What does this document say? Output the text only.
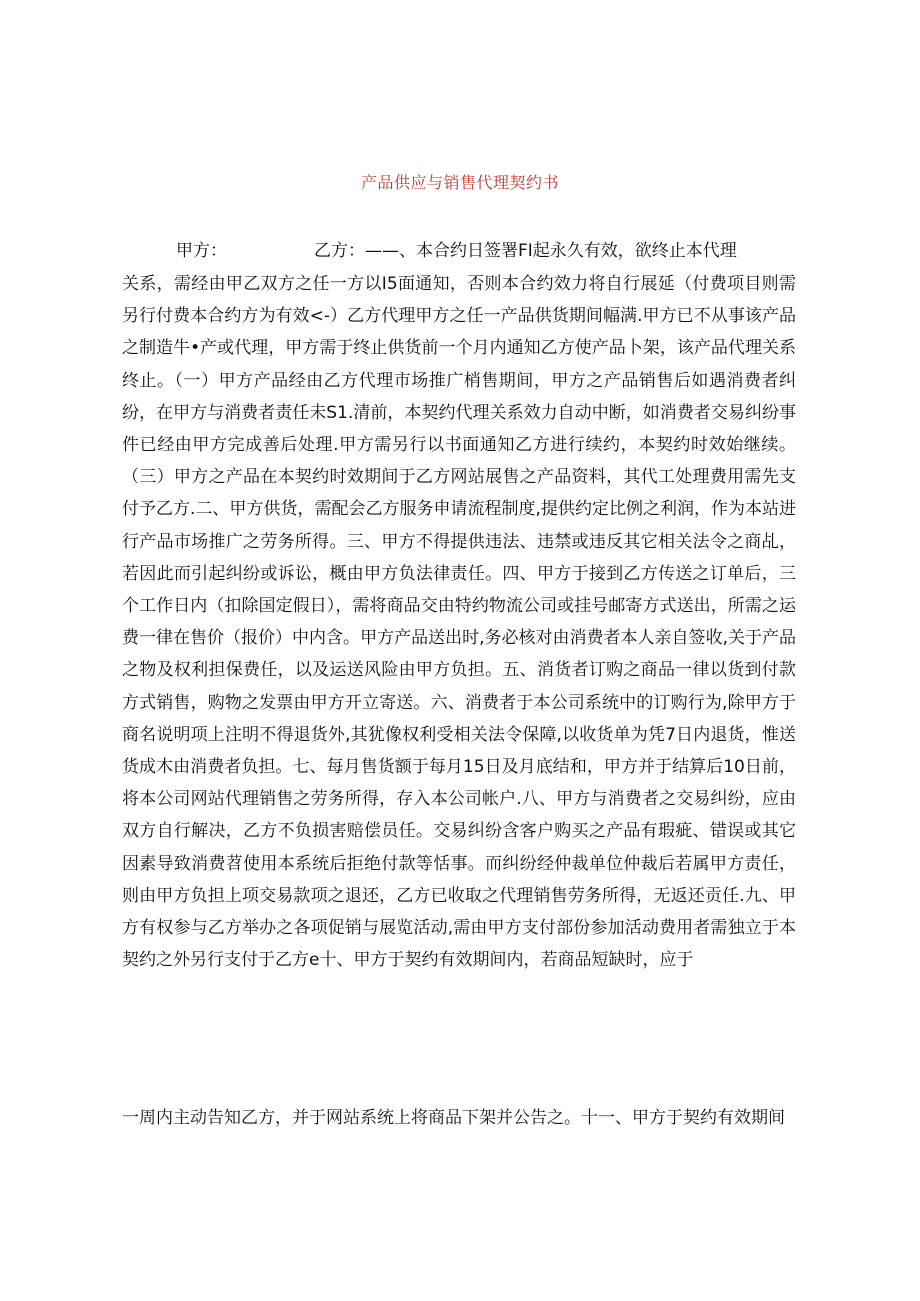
产品供应与销售代理契约书
甲方：	乙方：——、本合约日签署FI起永久有效，欲终止本代理
关系，需经由甲乙双方之任一方以I5面通知，否则本合约效力将自行展延（付费项目则需另行付费本合约方为有效<-）乙方代理甲方之任一产品供货期间幅满.甲方已不从事该产品之制造牛•产或代理，甲方需于终止供货前一个月内通知乙方使产品卜架，该产品代理关系终止。（一）甲方产品经由乙方代理市场推广梢售期间，甲方之产品销售后如遇消费者纠纷，在甲方与消费者责任未S1.清前，本契约代理关系效力自动中断，如消费者交易纠纷事件已经由甲方完成善后处理.甲方需另行以书面通知乙方进行续约，本契约时效始继续。（三）甲方之产品在本契约时效期间于乙方网站展售之产品资料，其代工处理费用需先支付予乙方.二、甲方供货，需配会乙方服务申请流程制度,提供约定比例之利润，作为本站进行产品市场推广之劳务所得。三、甲方不得提供违法、违禁或违反其它相关法令之商乩，若因此而引起纠纷或诉讼，概由甲方负法律责任。四、甲方于接到乙方传送之订单后，三个工作日内（扣除国定假日），需将商品交由特约物流公司或挂号邮寄方式送出，所需之运费一律在售价（报价）中内含。甲方产品送出时,务必核对由消费者本人亲自签收,关于产品之物及权利担保费任，以及运送风险由甲方负担。五、消货者订购之商品一律以货到付款方式销售，购物之发票由甲方开立寄送。六、消费者于本公司系统中的订购行为,除甲方于商名说明项上注明不得退货外,其犹像权利受相关法令保障,以收货单为凭7日内退货，惟送货成木由消费者负担。七、每月售货额于每月15日及月底结和，甲方并于结算后10日前，将本公司网站代理销售之劳务所得，存入本公司帐户.八、甲方与消费者之交易纠纷，应由双方自行解决，乙方不负损害赔偿员任。交易纠纷含客户购买之产品有瑕疵、错误或其它因素导致消费苕使用本系统后拒绝付款等恬事。而纠纷经仲裁单位仲裁后若属甲方责任，则由甲方负担上项交易款项之退还，乙方已收取之代理销售劳务所得，无返还贡任.九、甲方有权参与乙方举办之各项促销与展览活动,需由甲方支付部份参加活动费用者需独立于本契约之外另行支付于乙方e十、甲方于契约有效期间内，若商品短缺时，应于
一周内主动告知乙方，并于网站系统上将商品下架并公告之。十一、甲方于契约有效期间
